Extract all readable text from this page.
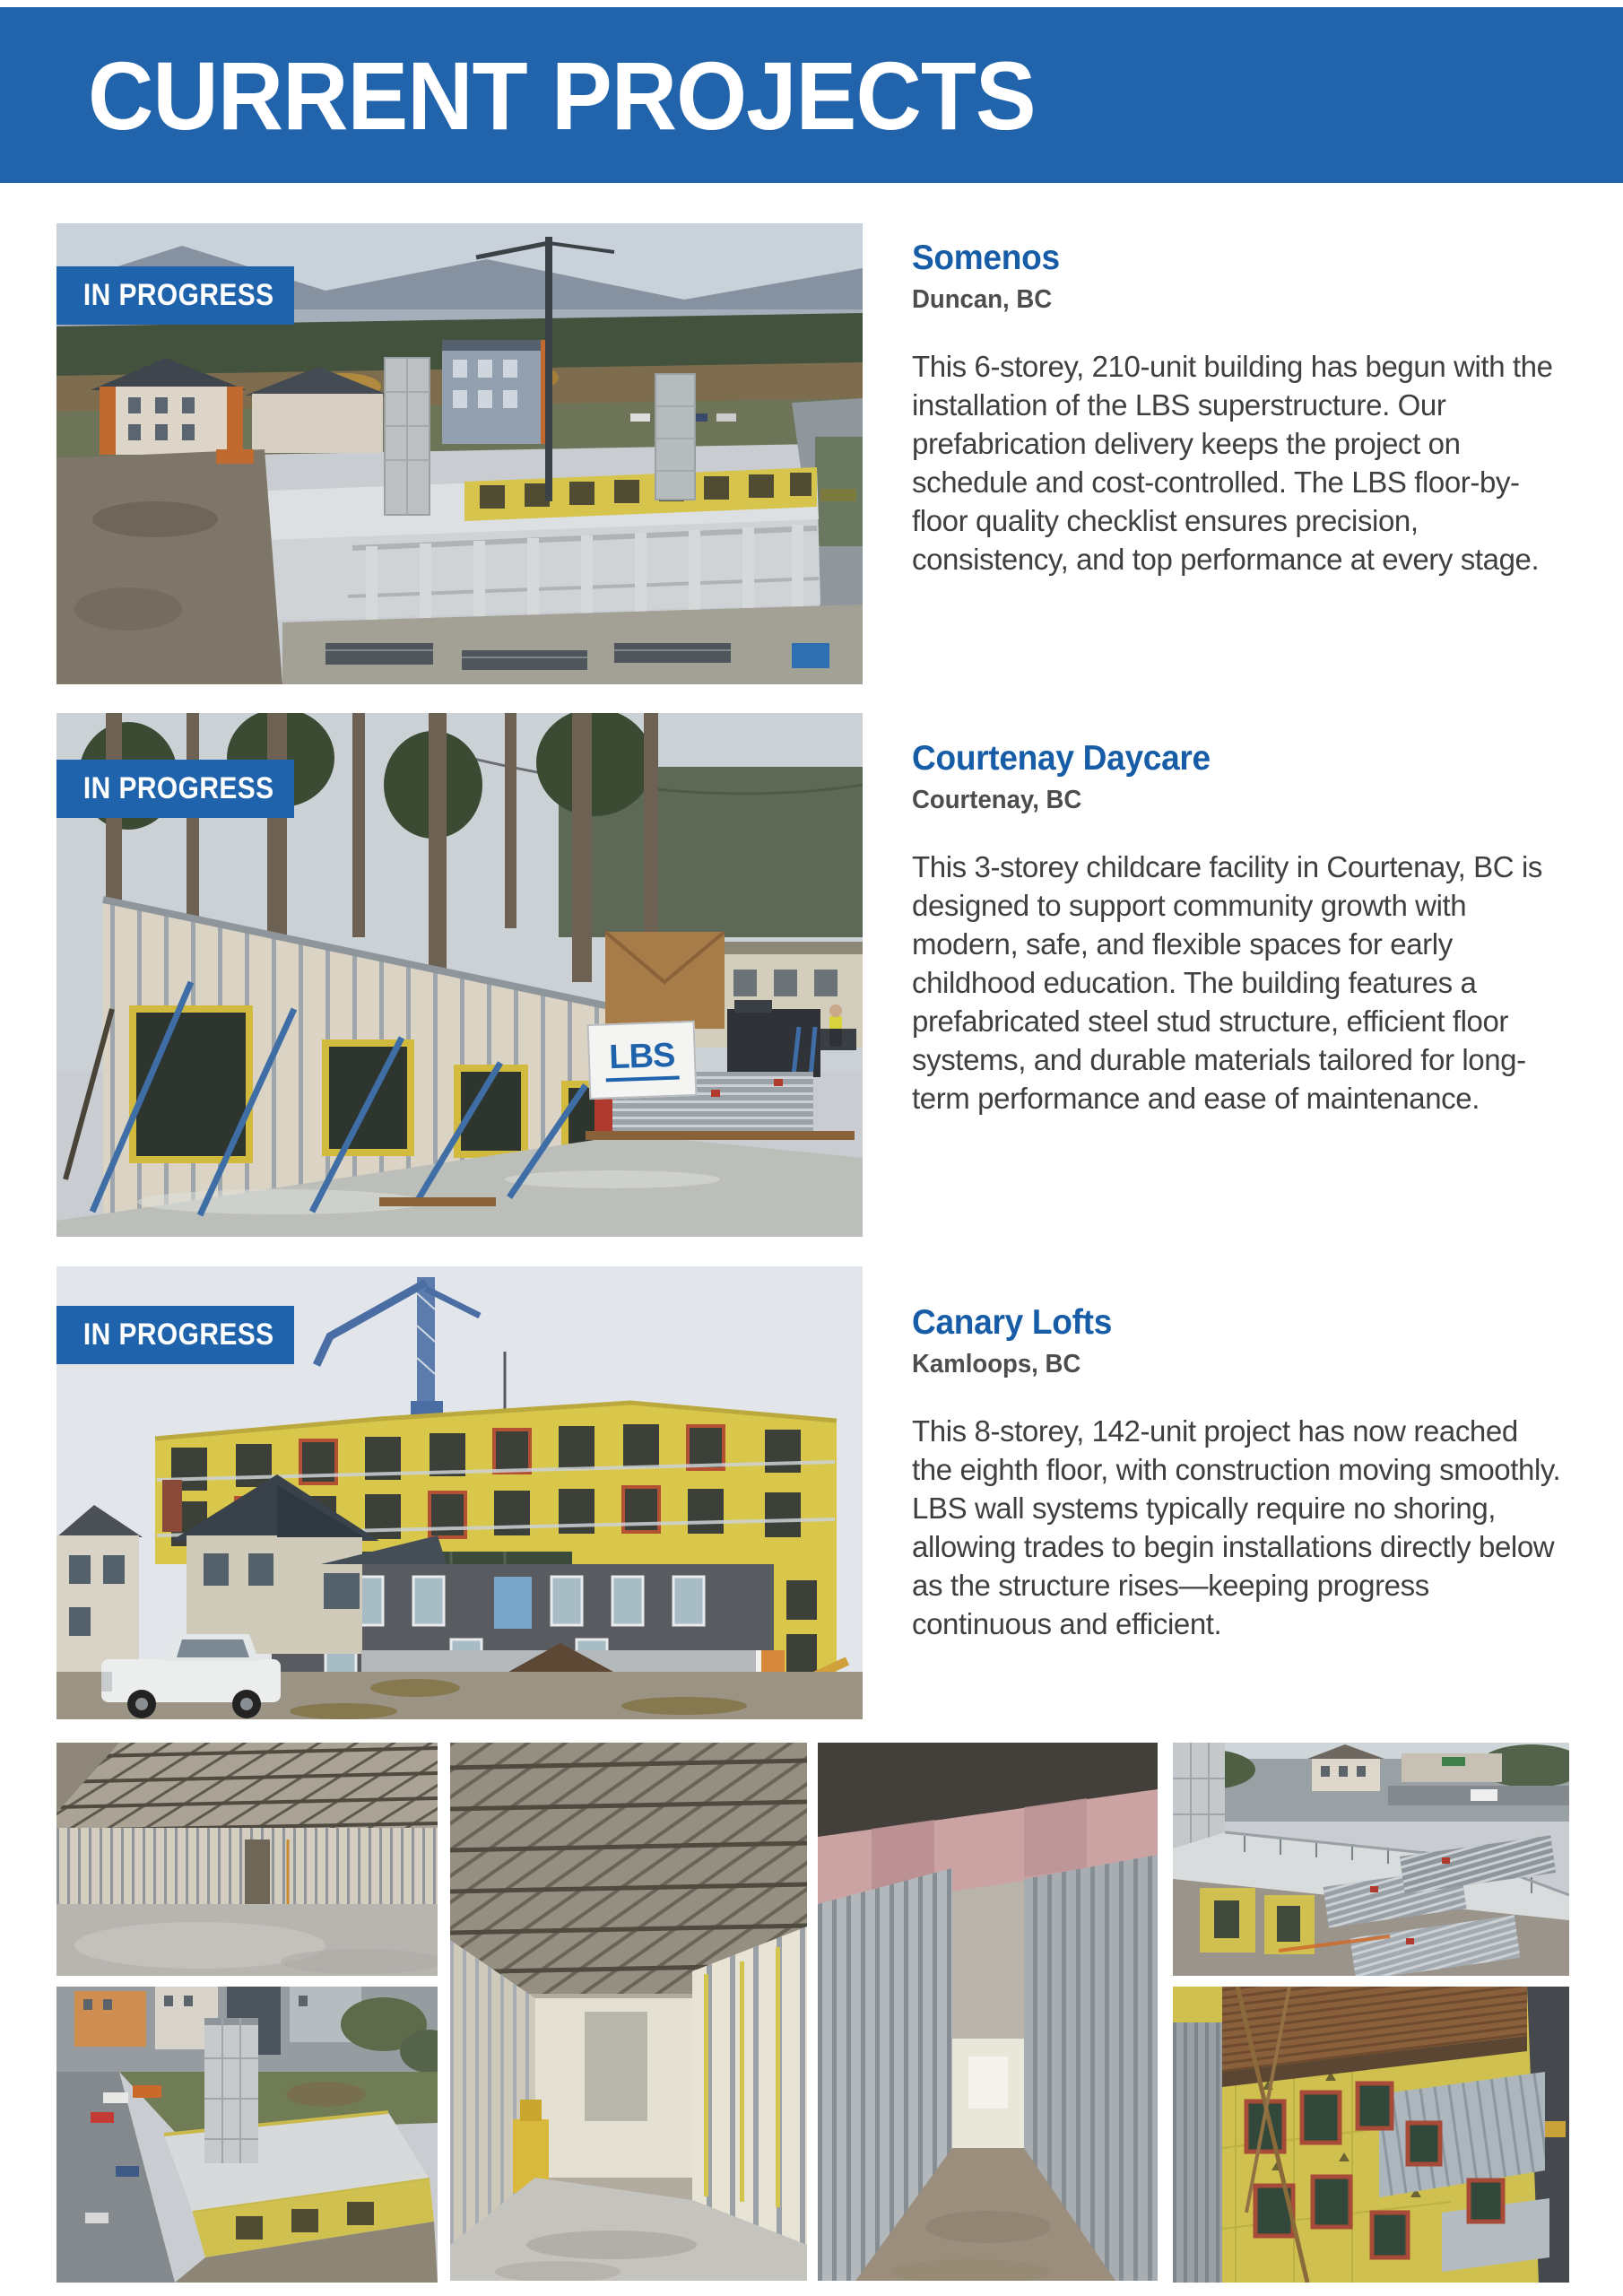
CURRENT PROJECTS
IN PROGRESS
Somenos
Duncan, BC
This 6-storey, 210-unit building has begun with the installation of the LBS superstructure. Our prefabrication delivery keeps the project on schedule and cost-controlled. The LBS floor-by-floor quality checklist ensures precision, consistency, and top performance at every stage.
LBS
IN PROGRESS
Courtenay Daycare
Courtenay, BC
This 3-storey childcare facility in Courtenay, BC is designed to support community growth with modern, safe, and flexible spaces for early childhood education. The building features a prefabricated steel stud structure, efficient floor systems, and durable materials tailored for long-term performance and ease of maintenance.
IN PROGRESS	Canary Lofts
Kamloops, BC
This 8-storey, 142-unit project has now reached the eighth floor, with construction moving smoothly. LBS wall systems typically require no shoring, allowing trades to begin installations directly below as the structure rises—keeping progress continuous and efficient.
